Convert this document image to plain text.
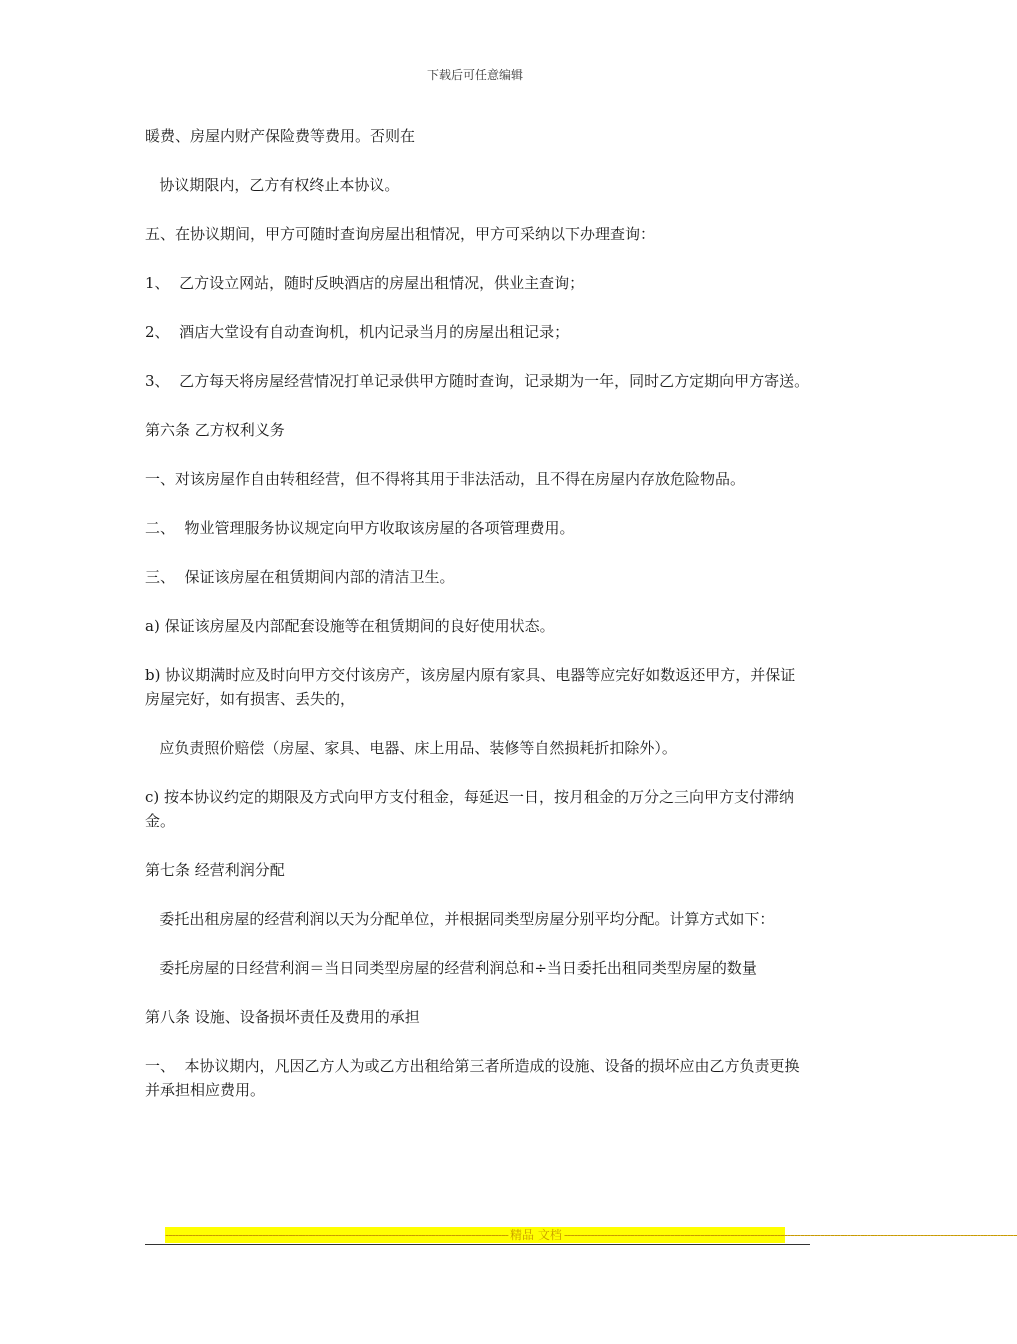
下载后可任意编辑

暖费、房屋内财产保险费等费用。否则在

协议期限内，乙方有权终止本协议。

五、在协议期间，甲方可随时查询房屋出租情况，甲方可采纳以下办理查询：

1、  乙方设立网站，随时反映酒店的房屋出租情况，供业主查询；

2、  酒店大堂设有自动查询机，机内记录当月的房屋出租记录；

3、  乙方每天将房屋经营情况打单记录供甲方随时查询，记录期为一年，同时乙方定期向甲方寄送。

第六条 乙方权利义务

一、对该房屋作自由转租经营，但不得将其用于非法活动，且不得在房屋内存放危险物品。

二、  物业管理服务协议规定向甲方收取该房屋的各项管理费用。

三、  保证该房屋在租赁期间内部的清洁卫生。

a) 保证该房屋及内部配套设施等在租赁期间的良好使用状态。

b) 协议期满时应及时向甲方交付该房产，该房屋内原有家具、电器等应完好如数返还甲方，并保证房屋完好，如有损害、丢失的，

应负责照价赔偿（房屋、家具、电器、床上用品、装修等自然损耗折扣除外）。

c) 按本协议约定的期限及方式向甲方支付租金，每延迟一日，按月租金的万分之三向甲方支付滞纳金。

第七条 经营利润分配

委托出租房屋的经营利润以天为分配单位，并根据同类型房屋分别平均分配。计算方式如下：

委托房屋的日经营利润＝当日同类型房屋的经营利润总和÷当日委托出租同类型房屋的数量

第八条 设施、设备损坏责任及费用的承担

一、  本协议期内，凡因乙方人为或乙方出租给第三者所造成的设施、设备的损坏应由乙方负责更换并承担相应费用。

------------------------------------------------------------------------------------------------------- 精品 文档 ----------------------------------------------------------------------------------------------------------------------------------------
